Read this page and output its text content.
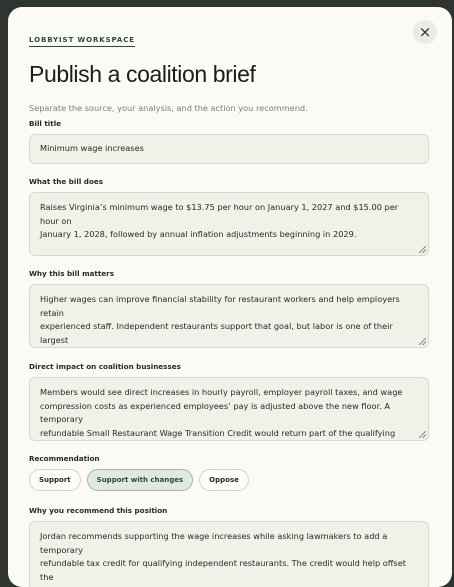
LOBBYIST WORKSPACE	×
Publish a coalition brief
Separate the source, your analysis, and the action you recommend.
Bill title
Minimum wage increases
What the bill does
Raises Virginia’s minimum wage to $13.75 per hour on January 1, 2027 and $15.00 per hour on
January 1, 2028, followed by annual inflation adjustments beginning in 2029.
Why this bill matters
Higher wages can improve financial stability for restaurant workers and help employers retain
experienced staff. Independent restaurants support that goal, but labor is one of their largest
Direct impact on coalition businesses
Members would see direct increases in hourly payroll, employer payroll taxes, and wage
compression costs as experienced employees’ pay is adjusted above the new floor. A temporary
refundable Small Restaurant Wage Transition Credit would return part of the qualifying
Recommendation
Support	Support with changes	Oppose
Why you recommend this position
Jordan recommends supporting the wage increases while asking lawmakers to add a temporary
refundable tax credit for qualifying independent restaurants. The credit would help offset the
